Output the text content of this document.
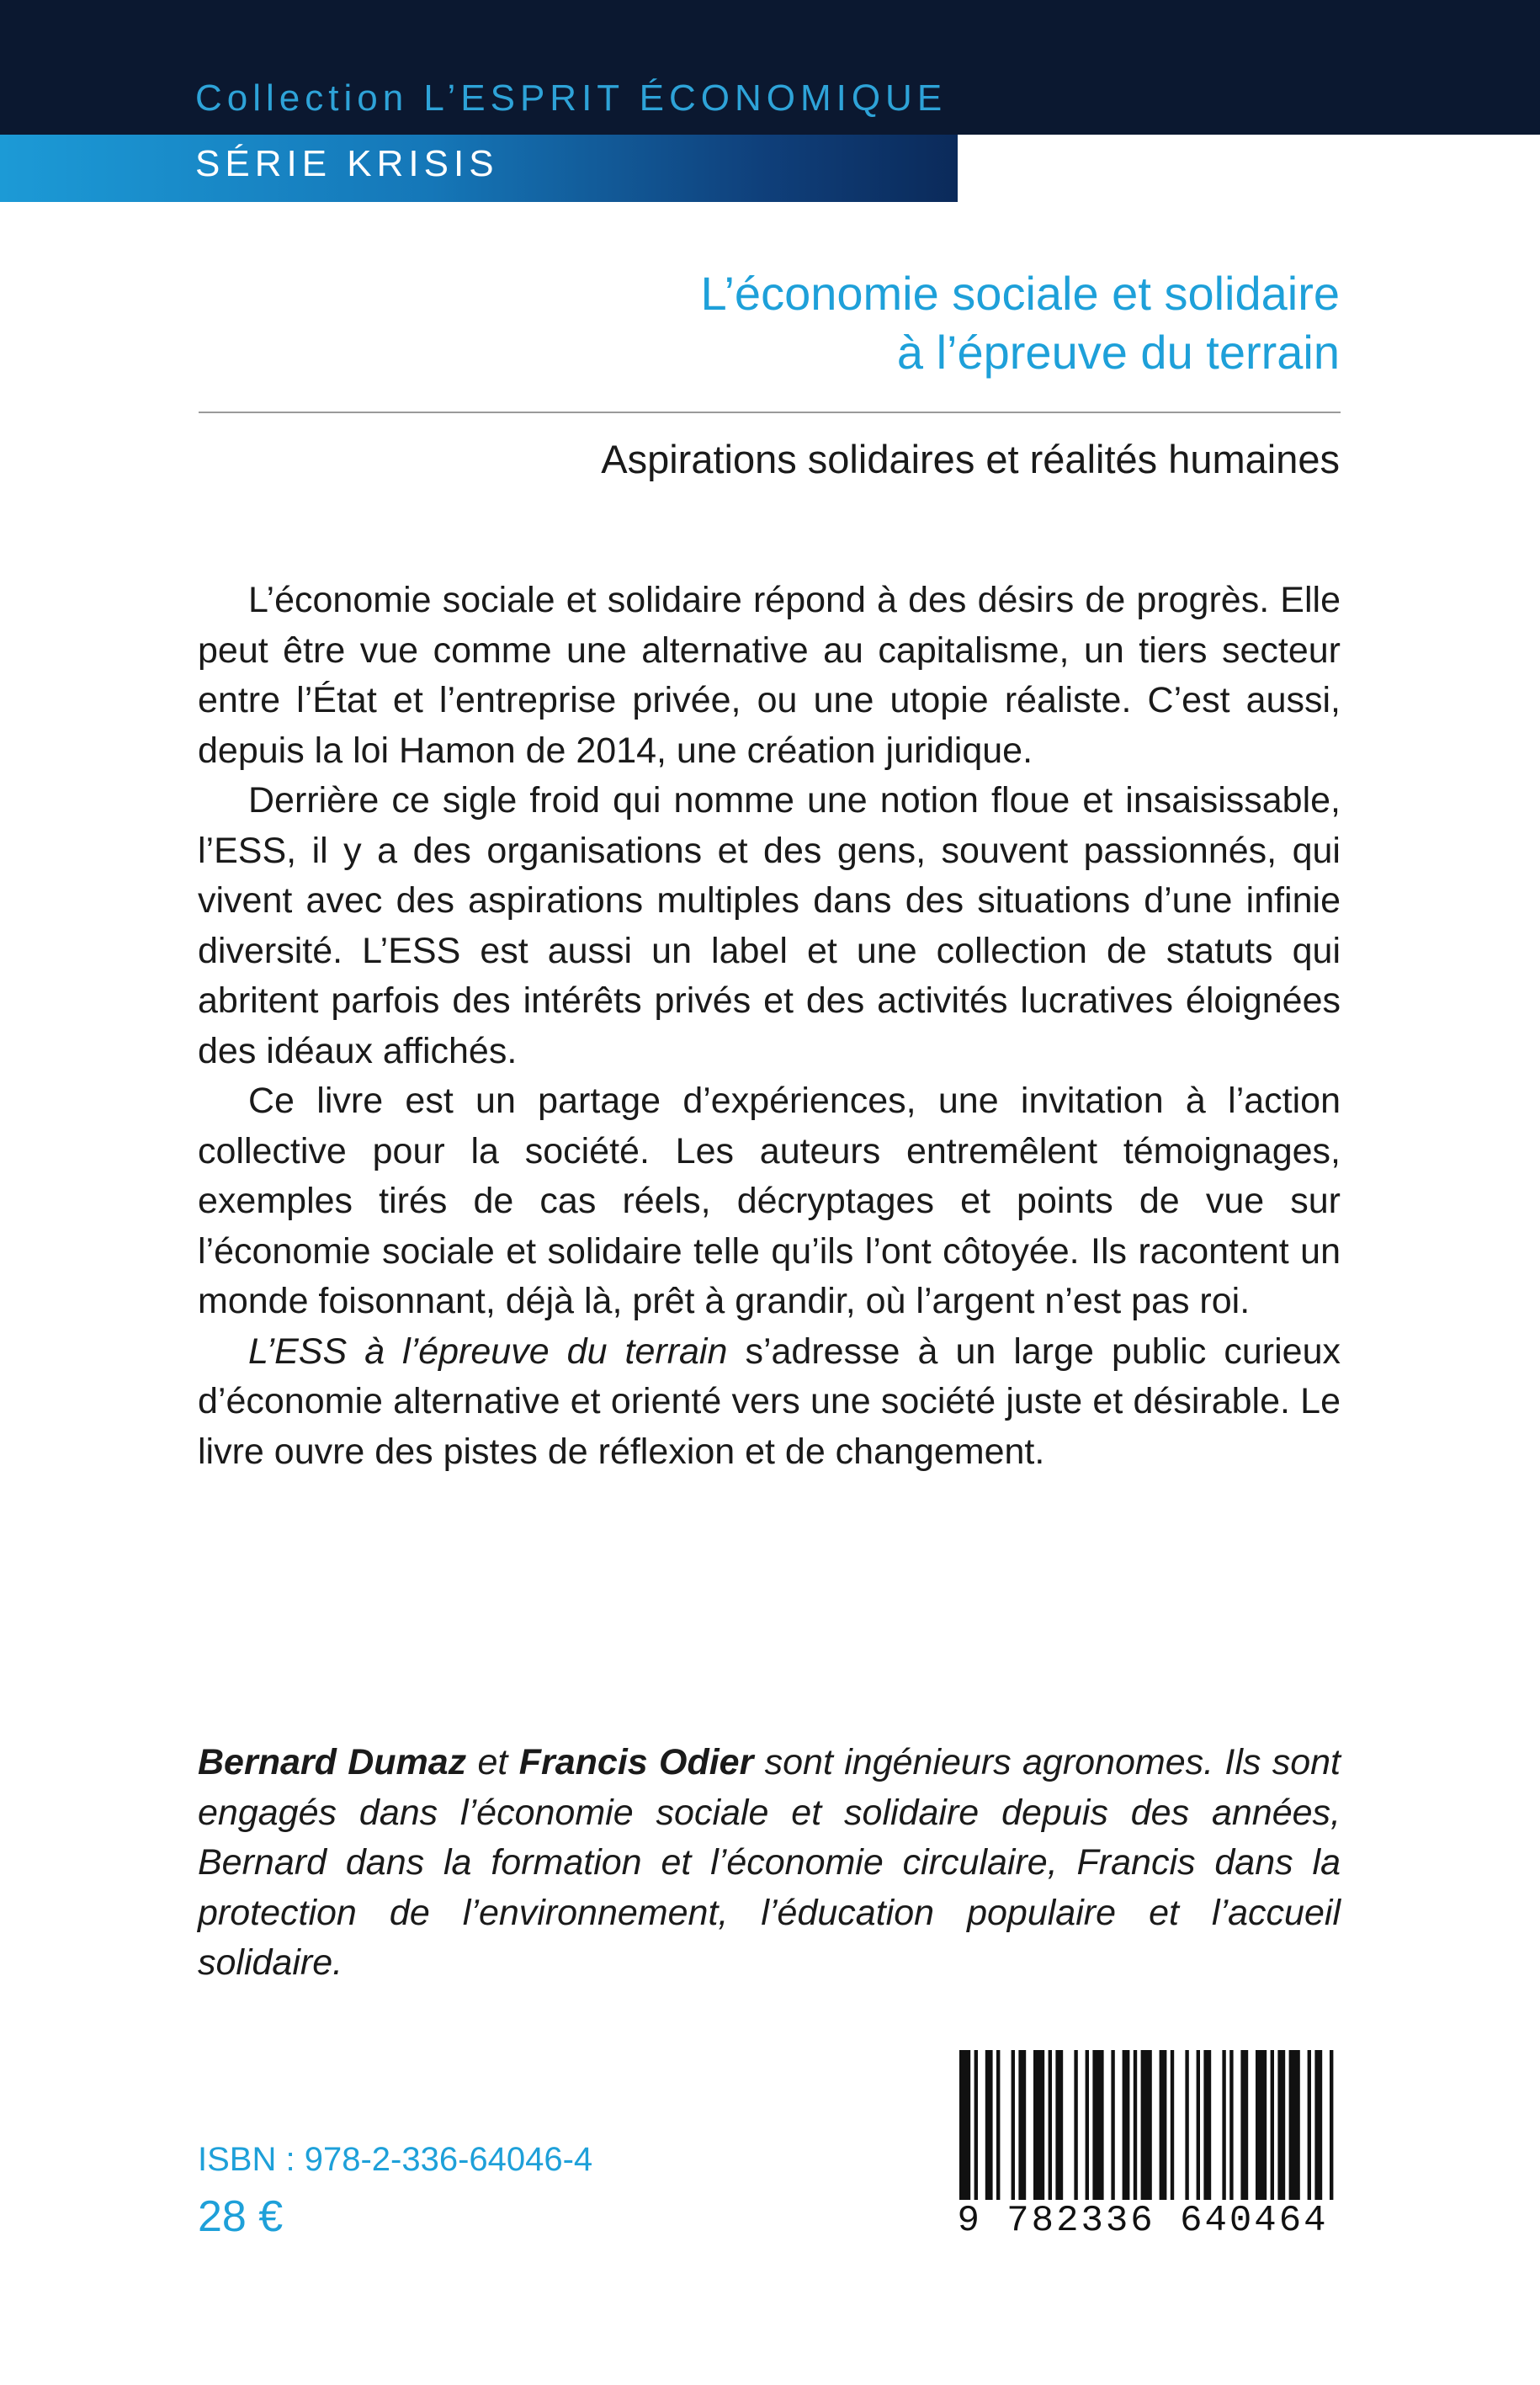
Collection L’ESPRIT ÉCONOMIQUE
SÉRIE KRISIS
L’économie sociale et solidaire
à l’épreuve du terrain
Aspirations solidaires et réalités humaines

L’économie sociale et solidaire répond à des désirs de progrès. Elle peut être vue comme une alternative au capitalisme, un tiers secteur entre l’État et l’entreprise privée, ou une utopie réaliste. C’est aussi, depuis la loi Hamon de 2014, une création juridique.

Derrière ce sigle froid qui nomme une notion floue et insaisissable, l’ESS, il y a des organisations et des gens, souvent passionnés, qui vivent avec des aspirations multiples dans des situations d’une infinie diversité. L’ESS est aussi un label et une collection de statuts qui abritent parfois des intérêts privés et des activités lucratives éloignées des idéaux affichés.

Ce livre est un partage d’expériences, une invitation à l’action collective pour la société. Les auteurs entremêlent témoignages, exemples tirés de cas réels, décryptages et points de vue sur l’économie sociale et solidaire telle qu’ils l’ont côtoyée. Ils racontent un monde foisonnant, déjà là, prêt à grandir, où l’argent n’est pas roi.

L’ESS à l’épreuve du terrain s’adresse à un large public curieux d’économie alternative et orienté vers une société juste et désirable. Le livre ouvre des pistes de réflexion et de changement.

Bernard Dumaz et Francis Odier sont ingénieurs agronomes. Ils sont engagés dans l’économie sociale et solidaire depuis des années, Bernard dans la formation et l’économie circulaire, Francis dans la protection de l’environnement, l’éducation populaire et l’accueil solidaire.
ISBN : 978-2-336-64046-4
28 €	9 782336 640464
